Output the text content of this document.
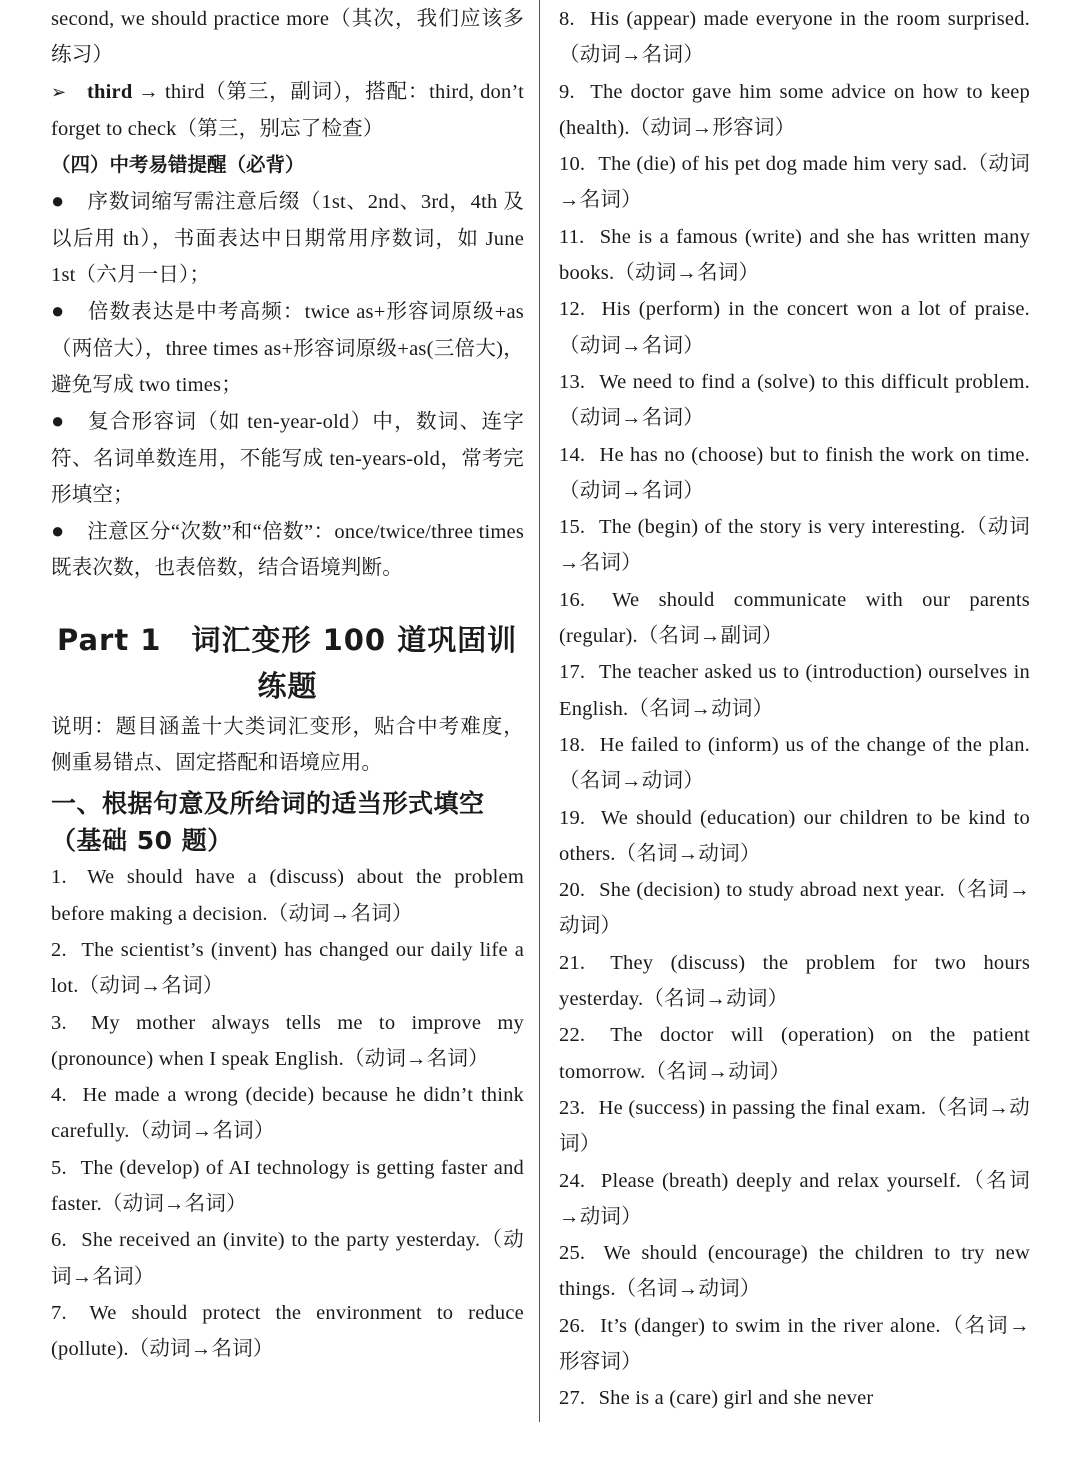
second, we should practice more（其次，我们应该多练习）

➢ third → third（第三，副词），搭配：third, don’t forget to check（第三，别忘了检查）

（四）中考易错提醒（必背）

● 序数词缩写需注意后缀（1st、2nd、3rd，4th 及以后用 th），书面表达中日期常用序数词，如 June 1st（六月一日）；

● 倍数表达是中考高频：twice as+形容词原级+as（两倍大），three times as+形容词原级+as(三倍大)，避免写成 two times；

● 复合形容词（如 ten-year-old）中，数词、连字符、名词单数连用，不能写成 ten-years-old，常考完形填空；

● 注意区分“次数”和“倍数”：once/twice/three times 既表次数，也表倍数，结合语境判断。

Part 1　词汇变形 100 道巩固训
练题

说明：题目涵盖十大类词汇变形，贴合中考难度，侧重易错点、固定搭配和语境应用。

一、根据句意及所给词的适当形式填空（基础 50 题）

1. We should have a (discuss) about the problem before making a decision.（动词→名词）

2. The scientist’s (invent) has changed our daily life a lot.（动词→名词）

3. My mother always tells me to improve my (pronounce) when I speak English.（动词→名词）

4. He made a wrong (decide) because he didn’t think carefully.（动词→名词）

5. The (develop) of AI technology is getting faster and faster.（动词→名词）

6. She received an (invite) to the party yesterday.（动词→名词）

7. We should protect the environment to reduce (pollute).（动词→名词）

8. His (appear) made everyone in the room surprised.（动词→名词）

9. The doctor gave him some advice on how to keep (health).（动词→形容词）

10. The (die) of his pet dog made him very sad.（动词→名词）

11. She is a famous (write) and she has written many books.（动词→名词）

12. His (perform) in the concert won a lot of praise.（动词→名词）

13. We need to find a (solve) to this difficult problem.（动词→名词）

14. He has no (choose) but to finish the work on time.（动词→名词）

15. The (begin) of the story is very interesting.（动词→名词）

16. We should communicate with our parents (regular).（名词→副词）

17. The teacher asked us to (introduction) ourselves in English.（名词→动词）

18. He failed to (inform) us of the change of the plan.（名词→动词）

19. We should (education) our children to be kind to others.（名词→动词）

20. She (decision) to study abroad next year.（名词→动词）

21. They (discuss) the problem for two hours yesterday.（名词→动词）

22. The doctor will (operation) on the patient tomorrow.（名词→动词）

23. He (success) in passing the final exam.（名词→动词）

24. Please (breath) deeply and relax yourself.（名词→动词）

25. We should (encourage) the children to try new things.（名词→动词）

26. It’s (danger) to swim in the river alone.（名词→形容词）

27. She is a (care) girl and she never
